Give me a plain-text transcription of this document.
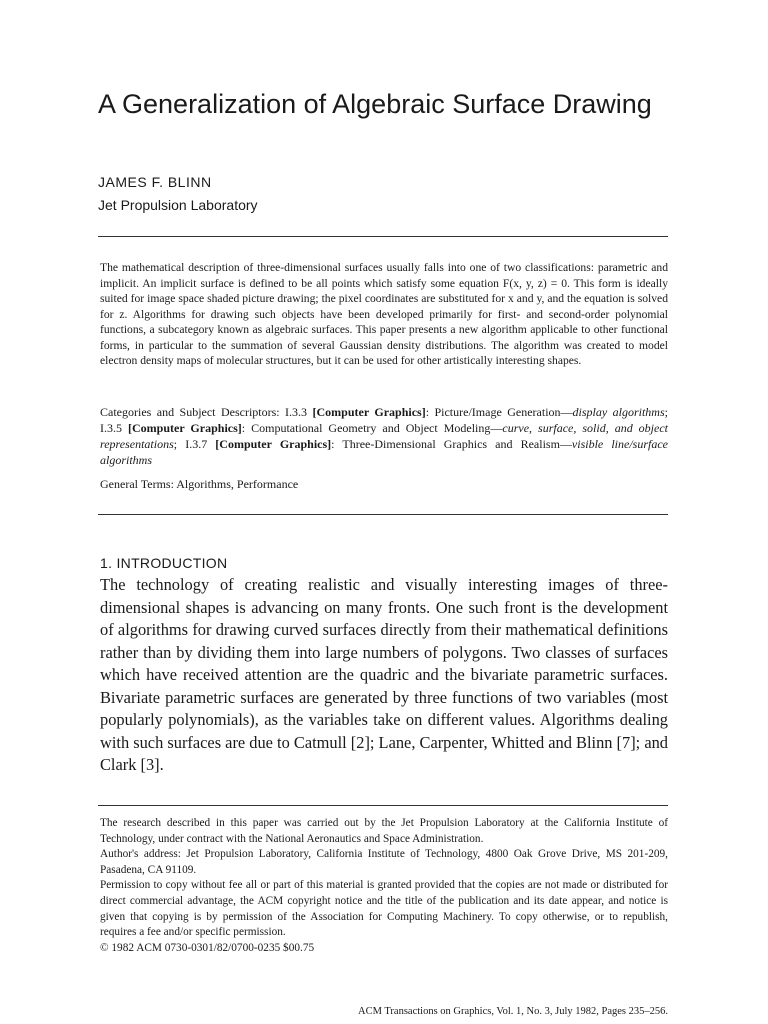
A Generalization of Algebraic Surface Drawing
JAMES F. BLINN
Jet Propulsion Laboratory

The mathematical description of three-dimensional surfaces usually falls into one of two classifications: parametric and implicit. An implicit surface is defined to be all points which satisfy some equation F(x, y, z) = 0. This form is ideally suited for image space shaded picture drawing; the pixel coordinates are substituted for x and y, and the equation is solved for z. Algorithms for drawing such objects have been developed primarily for first- and second-order polynomial functions, a subcategory known as algebraic surfaces. This paper presents a new algorithm applicable to other functional forms, in particular to the summation of several Gaussian density distributions. The algorithm was created to model electron density maps of molecular structures, but it can be used for other artistically interesting shapes.

Categories and Subject Descriptors: I.3.3 [Computer Graphics]: Picture/Image Generation—display algorithms; I.3.5 [Computer Graphics]: Computational Geometry and Object Modeling—curve, surface, solid, and object representations; I.3.7 [Computer Graphics]: Three-Dimensional Graphics and Realism—visible line/surface algorithms

General Terms: Algorithms, Performance

1. INTRODUCTION

The technology of creating realistic and visually interesting images of three-dimensional shapes is advancing on many fronts. One such front is the development of algorithms for drawing curved surfaces directly from their mathematical definitions rather than by dividing them into large numbers of polygons. Two classes of surfaces which have received attention are the quadric and the bivariate parametric surfaces. Bivariate parametric surfaces are generated by three functions of two variables (most popularly polynomials), as the variables take on different values. Algorithms dealing with such surfaces are due to Catmull [2]; Lane, Carpenter, Whitted and Blinn [7]; and Clark [3].

The research described in this paper was carried out by the Jet Propulsion Laboratory at the California Institute of Technology, under contract with the National Aeronautics and Space Administration.

Author's address: Jet Propulsion Laboratory, California Institute of Technology, 4800 Oak Grove Drive, MS 201-209, Pasadena, CA 91109.

Permission to copy without fee all or part of this material is granted provided that the copies are not made or distributed for direct commercial advantage, the ACM copyright notice and the title of the publication and its date appear, and notice is given that copying is by permission of the Association for Computing Machinery. To copy otherwise, or to republish, requires a fee and/or specific permission.

© 1982 ACM 0730-0301/82/0700-0235 $00.75

ACM Transactions on Graphics, Vol. 1, No. 3, July 1982, Pages 235–256.
